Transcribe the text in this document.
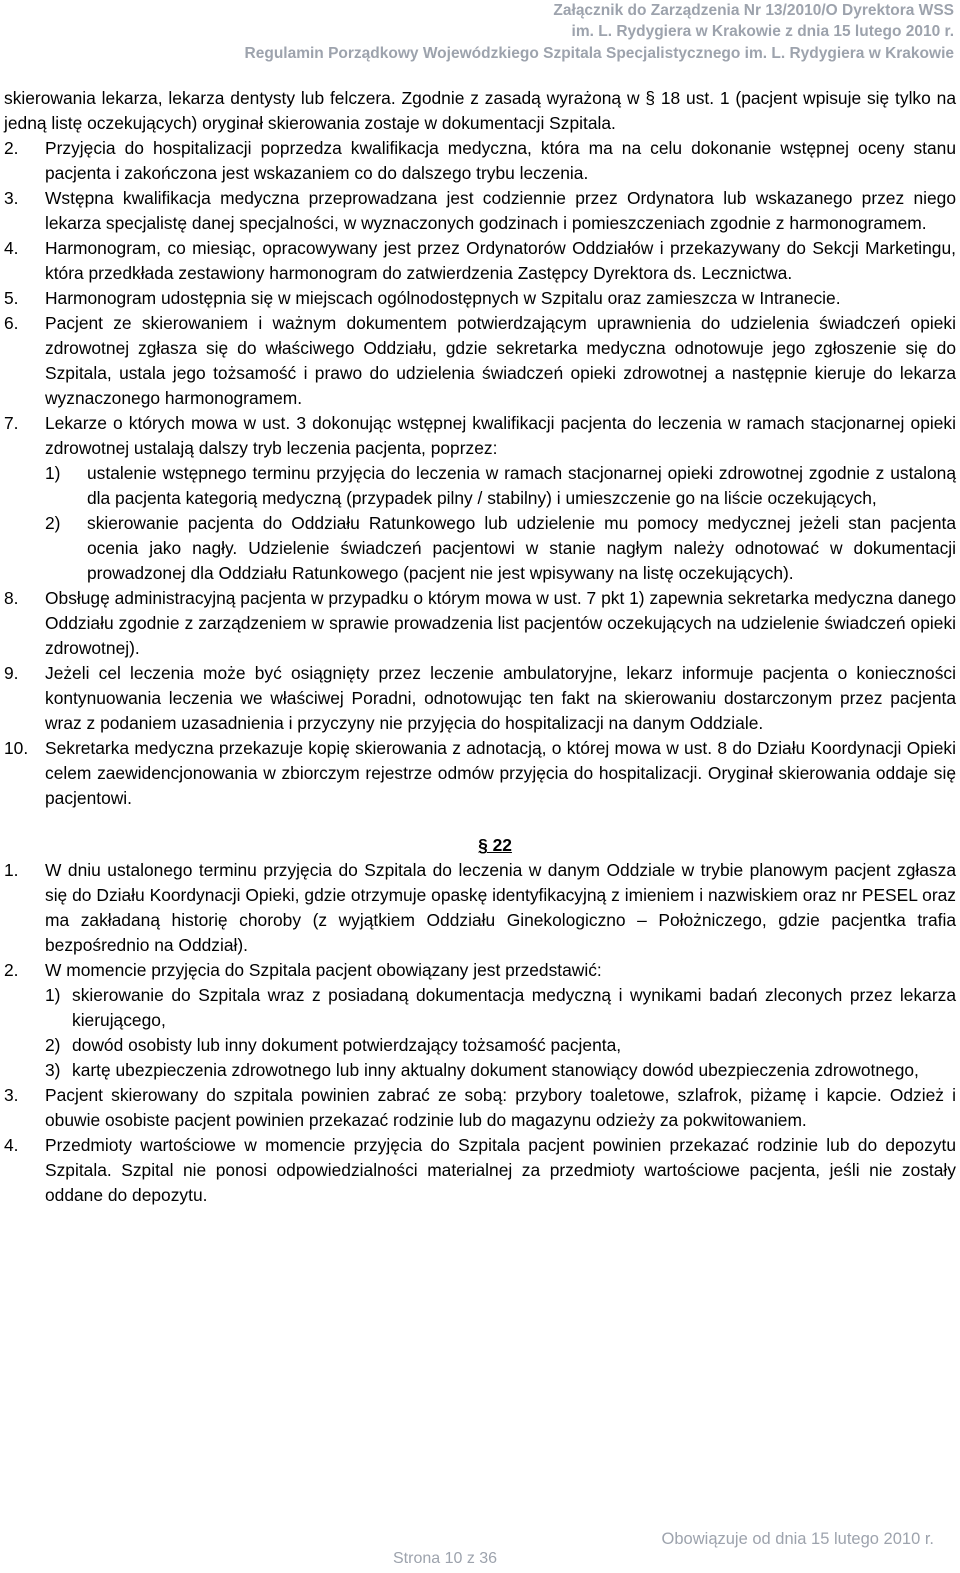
Załącznik do Zarządzenia Nr 13/2010/O Dyrektora WSS
im. L. Rydygiera w Krakowie z dnia 15 lutego 2010 r.
Regulamin Porządkowy Wojewódzkiego Szpitala Specjalistycznego im. L. Rydygiera w Krakowie

skierowania lekarza, lekarza dentysty lub felczera. Zgodnie z zasadą wyrażoną w § 18 ust. 1 (pacjent wpisuje się tylko na jedną listę oczekujących) oryginał skierowania zostaje w dokumentacji Szpitala.

2.	Przyjęcia do hospitalizacji poprzedza kwalifikacja medyczna, która ma na celu dokonanie wstępnej oceny stanu pacjenta i zakończona jest wskazaniem co do dalszego trybu leczenia.
3.	Wstępna kwalifikacja medyczna przeprowadzana jest codziennie przez Ordynatora lub wskazanego przez niego lekarza specjalistę danej specjalności, w wyznaczonych godzinach i pomieszczeniach zgodnie z harmonogramem.
4.	Harmonogram, co miesiąc, opracowywany jest przez Ordynatorów Oddziałów i przekazywany do Sekcji Marketingu, która przedkłada zestawiony harmonogram do zatwierdzenia Zastępcy Dyrektora ds. Lecznictwa.
5.	Harmonogram udostępnia się w miejscach ogólnodostępnych w Szpitalu oraz zamieszcza w Intranecie.
6.	Pacjent ze skierowaniem i ważnym dokumentem potwierdzającym uprawnienia do udzielenia świadczeń opieki zdrowotnej zgłasza się do właściwego Oddziału, gdzie sekretarka medyczna odnotowuje jego zgłoszenie się do Szpitala, ustala jego tożsamość i prawo do udzielenia świadczeń opieki zdrowotnej a następnie kieruje do lekarza wyznaczonego harmonogramem.
7.	Lekarze o których mowa w ust. 3 dokonując wstępnej kwalifikacji pacjenta do leczenia w ramach stacjonarnej opieki zdrowotnej ustalają dalszy tryb leczenia pacjenta, poprzez:
1)	ustalenie wstępnego terminu przyjęcia do leczenia w ramach stacjonarnej opieki zdrowotnej zgodnie z ustaloną dla pacjenta kategorią medyczną (przypadek pilny / stabilny) i umieszczenie go na liście oczekujących,
2)	skierowanie pacjenta do Oddziału Ratunkowego lub udzielenie mu pomocy medycznej jeżeli stan pacjenta ocenia jako nagły. Udzielenie świadczeń pacjentowi w stanie nagłym należy odnotować w dokumentacji prowadzonej dla Oddziału Ratunkowego (pacjent nie jest wpisywany na listę oczekujących).
8.	Obsługę administracyjną pacjenta w przypadku o którym mowa w ust. 7 pkt 1) zapewnia sekretarka medyczna danego Oddziału zgodnie z zarządzeniem w sprawie prowadzenia list pacjentów oczekujących na udzielenie świadczeń opieki zdrowotnej).
9.	Jeżeli cel leczenia może być osiągnięty przez leczenie ambulatoryjne, lekarz informuje pacjenta o konieczności kontynuowania leczenia we właściwej Poradni, odnotowując ten fakt na skierowaniu dostarczonym przez pacjenta wraz z podaniem uzasadnienia i przyczyny nie przyjęcia do hospitalizacji na danym Oddziale.
10. Sekretarka medyczna przekazuje kopię skierowania z adnotacją, o której mowa w ust. 8 do Działu Koordynacji Opieki celem zaewidencjonowania w zbiorczym rejestrze odmów przyjęcia do hospitalizacji. Oryginał skierowania oddaje się pacjentowi.
§ 22
1.	W dniu ustalonego terminu przyjęcia do Szpitala do leczenia w danym Oddziale w trybie planowym pacjent zgłasza się do Działu Koordynacji Opieki, gdzie otrzymuje opaskę identyfikacyjną z imieniem i nazwiskiem oraz nr PESEL oraz ma zakładaną historię choroby (z wyjątkiem Oddziału Ginekologiczno – Położniczego, gdzie pacjentka trafia bezpośrednio na Oddział).
2.	W momencie przyjęcia do Szpitala pacjent obowiązany jest przedstawić:
1) skierowanie do Szpitala wraz z posiadaną dokumentacja medyczną i wynikami badań zleconych przez lekarza kierującego,
2) dowód osobisty lub inny dokument potwierdzający tożsamość pacjenta,
3) kartę ubezpieczenia zdrowotnego lub inny aktualny dokument stanowiący dowód ubezpieczenia zdrowotnego,
3.	Pacjent skierowany do szpitala powinien zabrać ze sobą: przybory toaletowe, szlafrok, piżamę i kapcie. Odzież i obuwie osobiste pacjent powinien przekazać rodzinie lub do magazynu odzieży za pokwitowaniem.
4.	Przedmioty wartościowe w momencie przyjęcia do Szpitala pacjent powinien przekazać rodzinie lub do depozytu Szpitala. Szpital nie ponosi odpowiedzialności materialnej za przedmioty wartościowe pacjenta, jeśli nie zostały oddane do depozytu.
Obowiązuje od dnia 15 lutego 2010 r.
Strona 10 z 36
